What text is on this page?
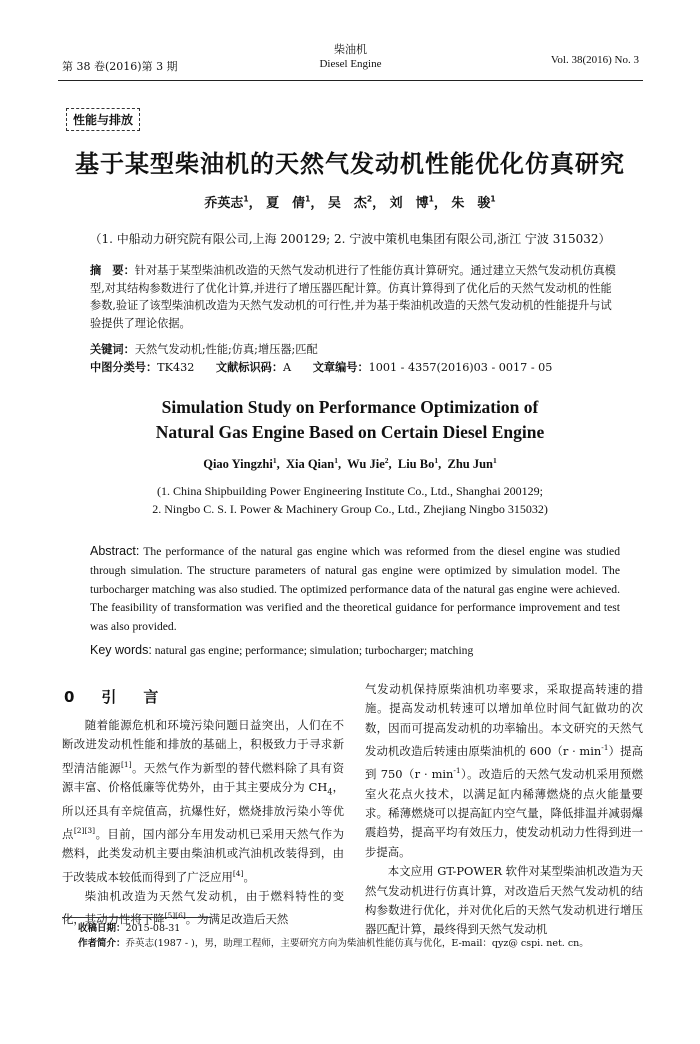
第 38 卷(2016)第 3 期
柴油机
Diesel Engine	Vol. 38(2016) No. 3
性能与排放
基于某型柴油机的天然气发动机性能优化仿真研究
乔英志$^1$， 夏　倩$^1$， 吴　杰$^2$， 刘　博$^1$， 朱　骏$^1$
（1. 中船动力研究院有限公司,上海 200129; 2. 宁波中策机电集团有限公司,浙江 宁波 315032）
摘　要：针对基于某型柴油机改造的天然气发动机进行了性能仿真计算研究。通过建立天然气发动机仿真模型,对其结构参数进行了优化计算,并进行了增压器匹配计算。仿真计算得到了优化后的天然气发动机的性能参数,验证了该型柴油机改造为天然气发动机的可行性,并为基于柴油机改造的天然气发动机的性能提升与试验提供了理论依据。
关键词：天然气发动机;性能;仿真;增压器;匹配
中图分类号：TK432 文献标识码：A 文章编号：1001 - 4357(2016)03 - 0017 - 05
Simulation Study on Performance Optimization of
Natural Gas Engine Based on Certain Diesel Engine
Qiao Yingzhi$^1$,  Xia Qian$^1$,  Wu Jie$^2$,  Liu Bo$^1$,  Zhu Jun$^1$
(1. China Shipbuilding Power Engineering Institute Co., Ltd., Shanghai 200129;
2. Ningbo C. S. I. Power & Machinery Group Co., Ltd., Zhejiang Ningbo 315032)
Abstract: The performance of the natural gas engine which was reformed from the diesel engine was studied through simulation. The structure parameters of natural gas engine were optimized by simulation model. The turbocharger matching was also studied. The optimized performance data of the natural gas engine were achieved. The feasibility of transformation was verified and the theoretical guidance for performance improvement and test was also provided.
Key words: natural gas engine; performance; simulation; turbocharger; matching
0　引　言

随着能源危机和环境污染问题日益突出，人们在不断改进发动机性能和排放的基础上，积极致力于寻求新型清洁能源[1]。天然气作为新型的替代燃料除了具有资源丰富、价格低廉等优势外，由于其主要成分为 $CH_4$，所以还具有辛烷值高，抗爆性好，燃烧排放污染小等优点[2][3]。目前，国内部分车用发动机已采用天然气作为燃料，此类发动机主要由柴油机或汽油机改装得到，由于改装成本较低而得到了广泛应用[4]。

柴油机改造为天然气发动机，由于燃料特性的变化，其动力性将下降[5][6]。为满足改造后天然

气发动机保持原柴油机功率要求，采取提高转速的措施。提高发动机转速可以增加单位时间气缸做功的次数，因而可提高发动机的功率输出。本文研究的天然气发动机改造后转速由原柴油机的 $600(r \cdot \min^{-1})$提高到 $750(r \cdot \min^{-1})$。改造后的天然气发动机采用预燃室火花点火技术，以满足缸内稀薄燃烧的点火能量要求。稀薄燃烧可以提高缸内空气量，降低排温并减弱爆震趋势，提高平均有效压力，使发动机动力性得到进一步提高。

本文应用 GT-POWER 软件对某型柴油机改造为天然气发动机进行仿真计算，对改造后天然气发动机的结构参数进行优化，并对优化后的天然气发动机进行增压器匹配计算，最终得到天然气发动机

收稿日期：2015-08-31
作者简介：乔英志(1987 - )，男，助理工程师，主要研究方向为柴油机性能仿真与优化，E-mail：qyz@ cspi. net. cn。
